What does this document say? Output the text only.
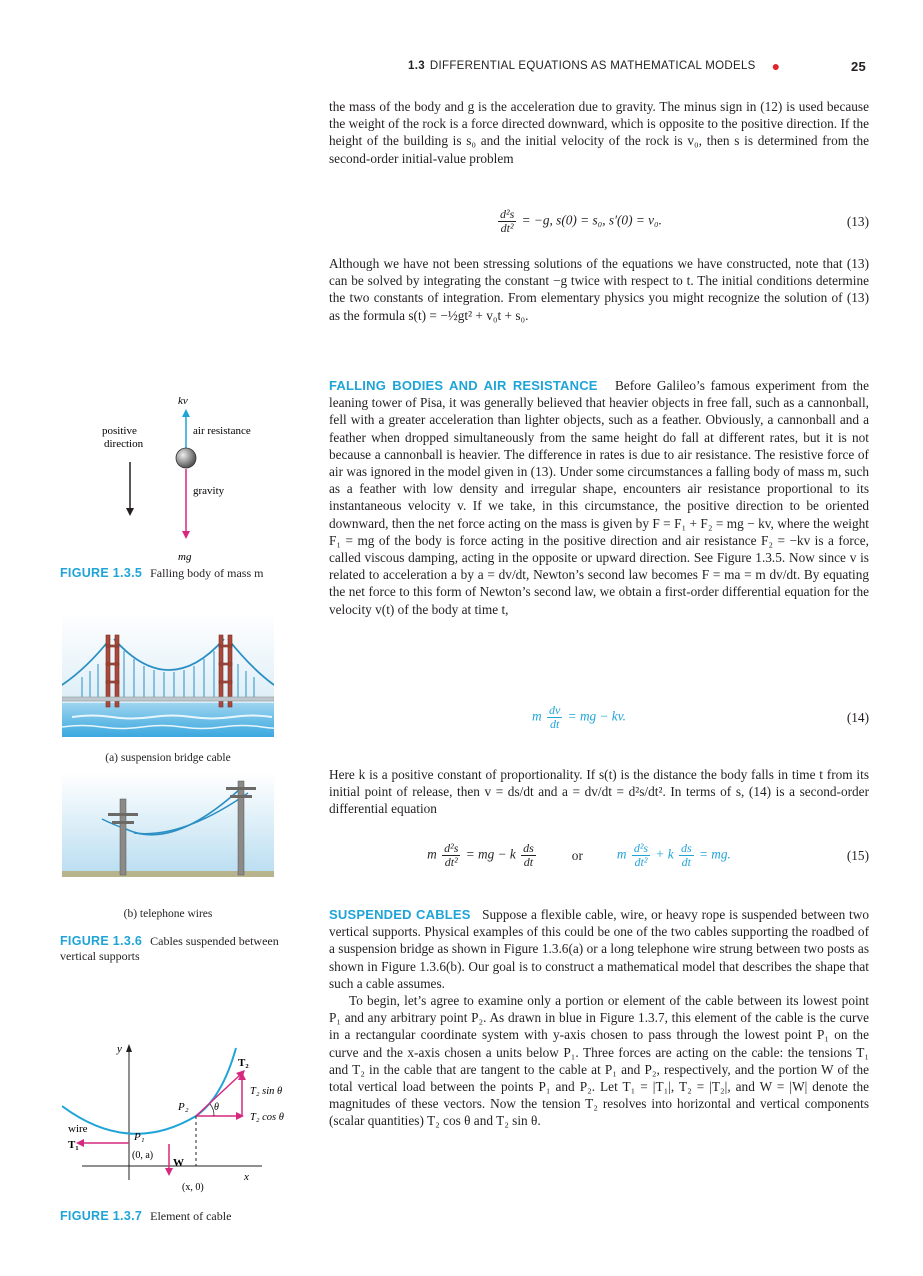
1.3 DIFFERENTIAL EQUATIONS AS MATHEMATICAL MODELS ●	25

the mass of the body and g is the acceleration due to gravity. The minus sign in (12) is used because the weight of the rock is a force directed downward, which is opposite to the positive direction. If the height of the building is s₀ and the initial velocity of the rock is v₀, then s is determined from the second-order initial-value problem

$\frac{\text{d²s}}{\text{dt²}} = -g$, s(0) = s₀, s′(0) = v₀.	(13)

Although we have not been stressing solutions of the equations we have constructed, note that (13) can be solved by integrating the constant −g twice with respect to t. The initial conditions determine the two constants of integration. From elementary physics you might recognize the solution of (13) as the formula s(t) = −½gt² + v₀t + s₀.

FALLING BODIES AND AIR RESISTANCE Before Galileo’s famous experiment from the leaning tower of Pisa, it was generally believed that heavier objects in free fall, such as a cannonball, fell with a greater acceleration than lighter objects, such as a feather. Obviously, a cannonball and a feather when dropped simultaneously from the same height do fall at different rates, but it is not because a cannonball is heavier. The difference in rates is due to air resistance. The resistive force of air was ignored in the model given in (13). Under some circumstances a falling body of mass m, such as a feather with low density and irregular shape, encounters air resistance proportional to its instantaneous velocity v. If we take, in this circumstance, the positive direction to be oriented downward, then the net force acting on the mass is given by F = F₁ + F₂ = mg − kv, where the weight F₁ = mg of the body is force acting in the positive direction and air resistance F₂ = −kv is a force, called viscous damping, acting in the opposite or upward direction. See Figure 1.3.5. Now since v is related to acceleration a by a = dv/dt, Newton’s second law becomes F = ma = m dv/dt. By equating the net force to this form of Newton’s second law, we obtain a first-order differential equation for the velocity v(t) of the body at time t,

m $\frac{dv}{dt}$ = mg − kv.	(14)

Here k is a positive constant of proportionality. If s(t) is the distance the body falls in time t from its initial point of release, then v = ds/dt and a = dv/dt = d²s/dt². In terms of s, (14) is a second-order differential equation

m $\frac{\text{d²s}}{\text{dt²}}$ = mg − k $\frac{ds}{dt}$	or	m $\frac{\text{d²s}}{\text{dt²}} + k \frac{ds}{dt}$ = mg.	(15)

SUSPENDED CABLES Suppose a flexible cable, wire, or heavy rope is suspended between two vertical supports. Physical examples of this could be one of the two cables supporting the roadbed of a suspension bridge as shown in Figure 1.3.6(a) or a long telephone wire strung between two posts as shown in Figure 1.3.6(b). Our goal is to construct a mathematical model that describes the shape that such a cable assumes.

To begin, let’s agree to examine only a portion or element of the cable between its lowest point P₁ and any arbitrary point P₂. As drawn in blue in Figure 1.3.7, this element of the cable is the curve in a rectangular coordinate system with y-axis chosen to pass through the lowest point P₁ on the curve and the x-axis chosen a units below P₁. Three forces are acting on the cable: the tensions T₁ and T₂ in the cable that are tangent to the cable at P₁ and P₂, respectively, and the portion W of the total vertical load between the points P₁ and P₂. Let T₁ = |T₁|, T₂ = |T₂|, and W = |W| denote the magnitudes of these vectors. Now the tension T₂ resolves into horizontal and vertical components (scalar quantities) T₂ cos θ and T₂ sin θ.

kv
air resistance
positive
direction
gravity
mg
FIGURE 1.3.5 Falling body of mass m
(a) suspension bridge cable
(b) telephone wires
FIGURE 1.3.6 Cables suspended between vertical supports
y
x
wire
T₁
P₁
(0, a)
W
(x, 0)
P₂	θ
T₂
T₂ sin θ
T₂ cos θ
FIGURE 1.3.7 Element of cable
